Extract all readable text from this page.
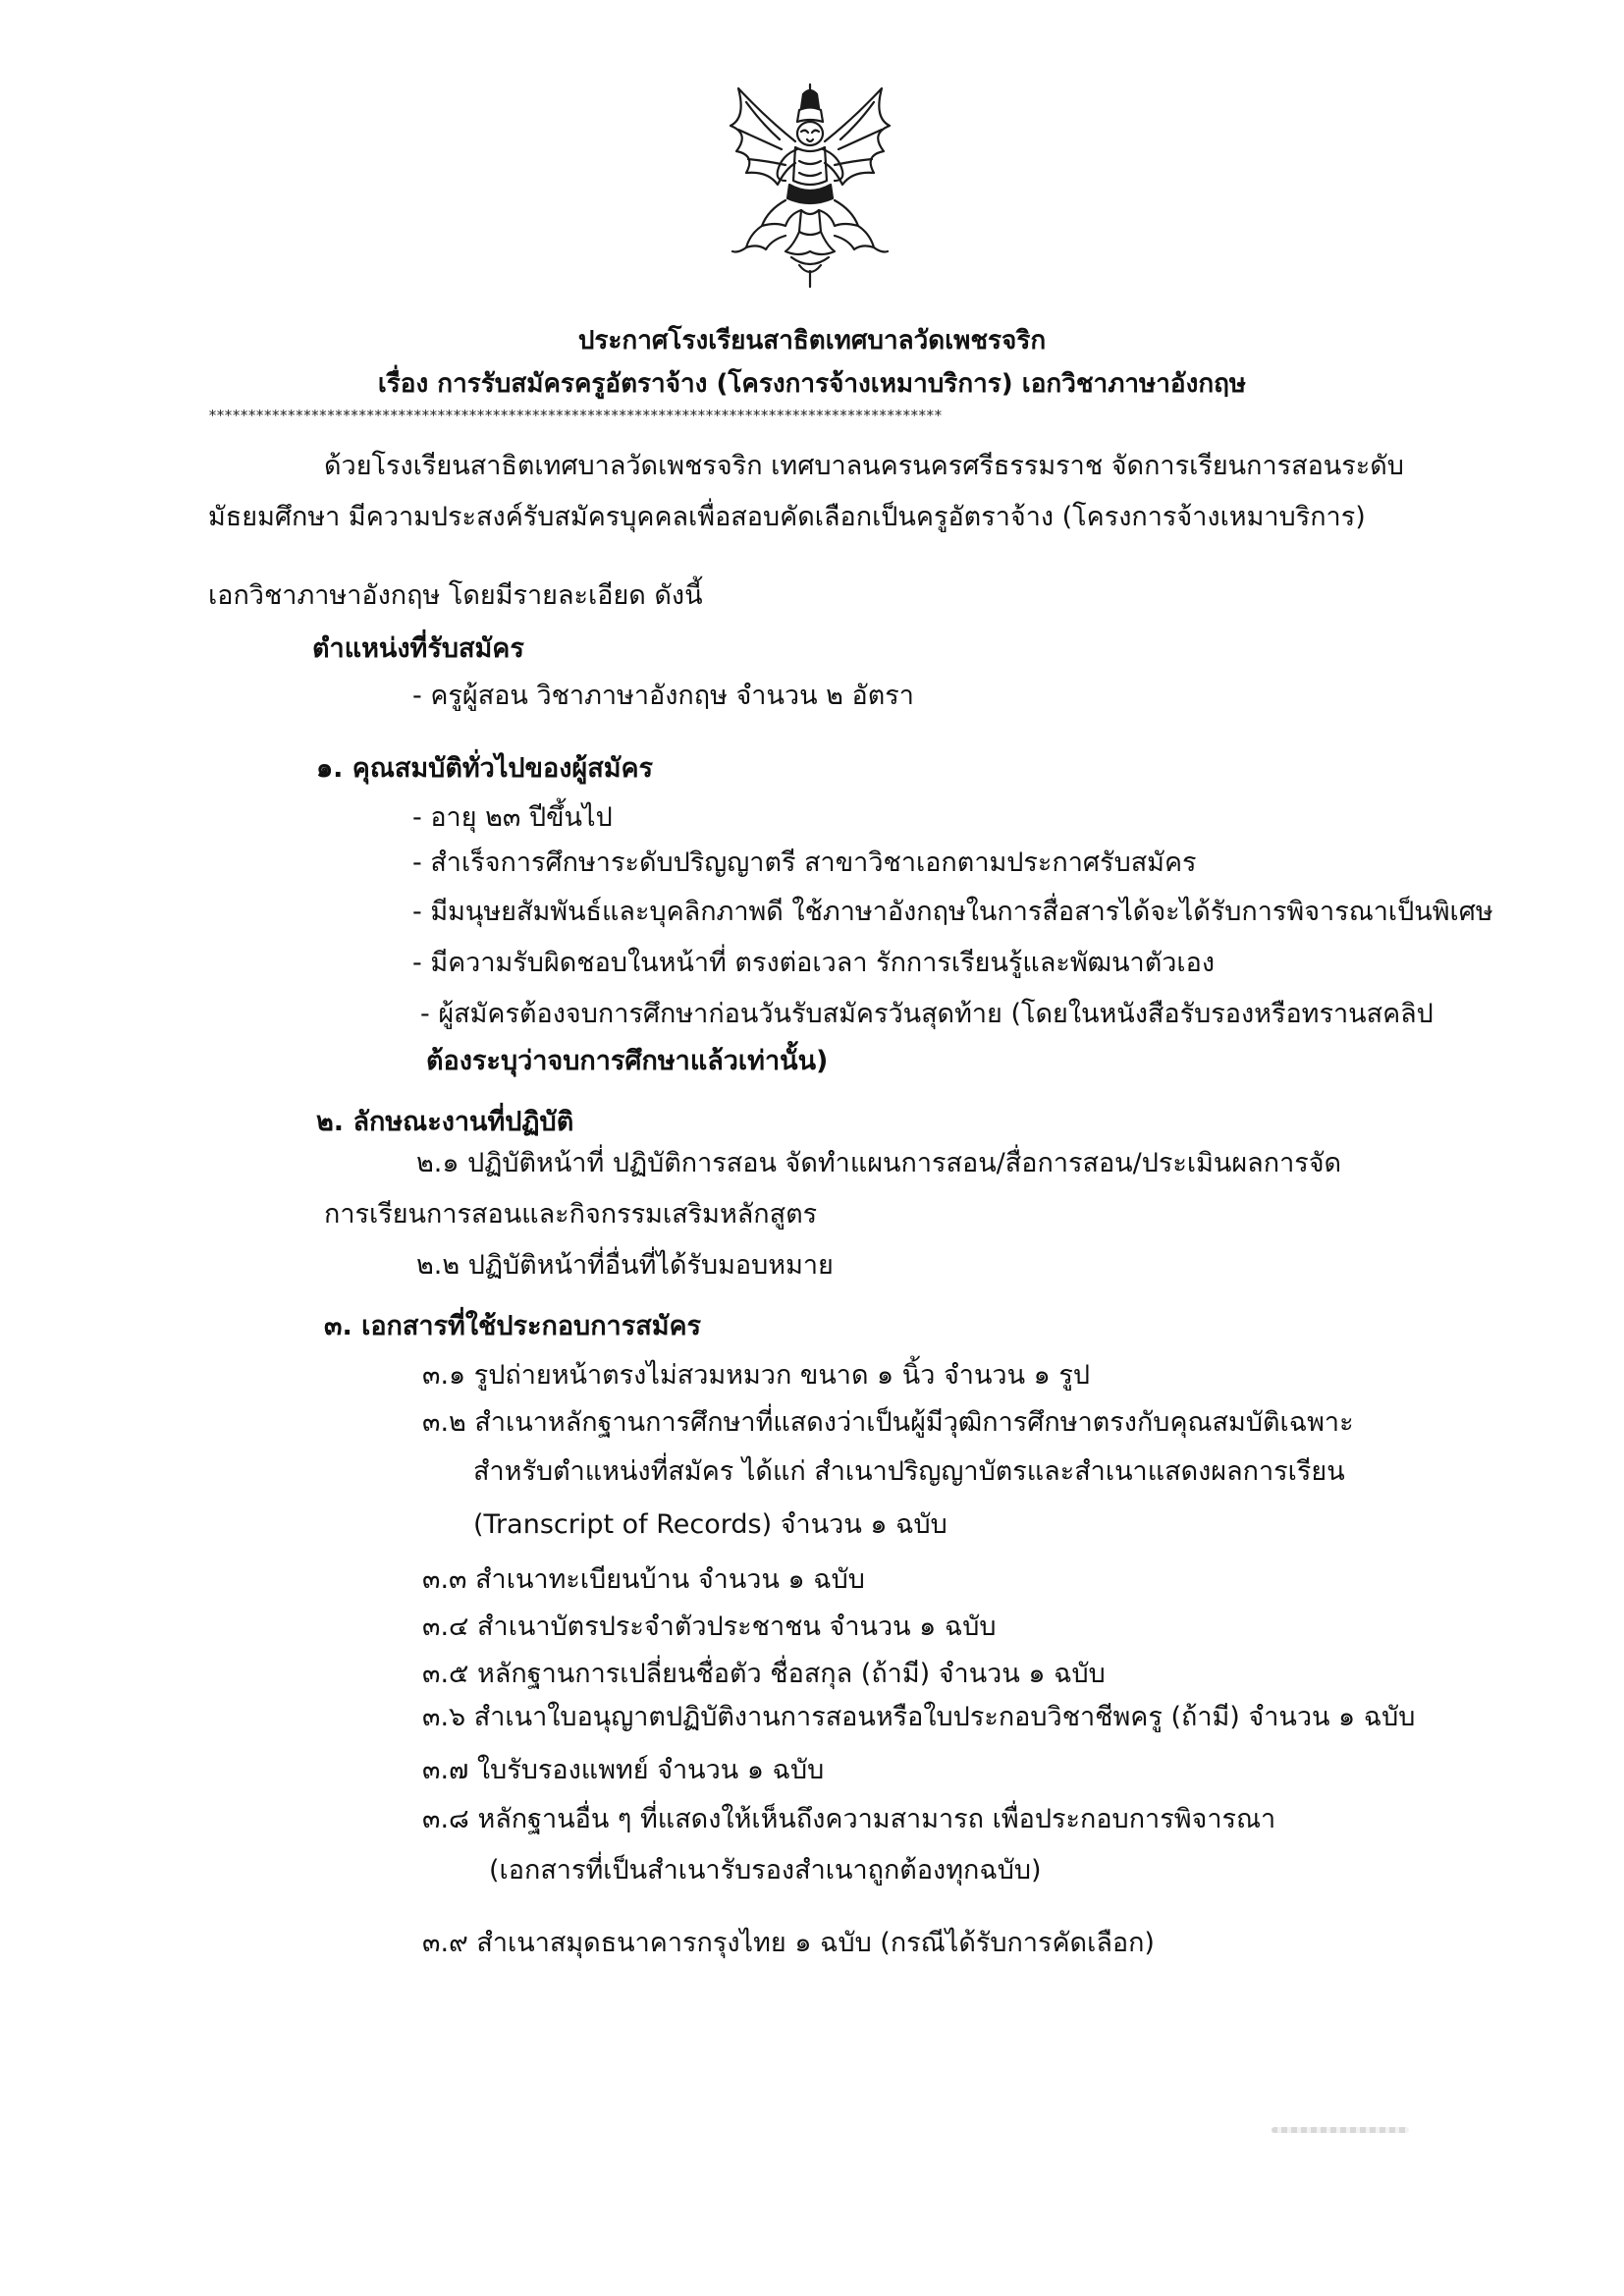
ประกาศโรงเรียนสาธิตเทศบาลวัดเพชรจริก
เรื่อง การรับสมัครครูอัตราจ้าง (โครงการจ้างเหมาบริการ) เอกวิชาภาษาอังกฤษ
*********************************************************************************************
ด้วยโรงเรียนสาธิตเทศบาลวัดเพชรจริก เทศบาลนครนครศรีธรรมราช จัดการเรียนการสอนระดับ
มัธยมศึกษา มีความประสงค์รับสมัครบุคคลเพื่อสอบคัดเลือกเป็นครูอัตราจ้าง (โครงการจ้างเหมาบริการ)
เอกวิชาภาษาอังกฤษ โดยมีรายละเอียด ดังนี้
ตำแหน่งที่รับสมัคร
- ครูผู้สอน วิชาภาษาอังกฤษ จำนวน ๒ อัตรา
๑. คุณสมบัติทั่วไปของผู้สมัคร
- อายุ ๒๓ ปีขึ้นไป
- สำเร็จการศึกษาระดับปริญญาตรี สาขาวิชาเอกตามประกาศรับสมัคร
- มีมนุษยสัมพันธ์และบุคลิกภาพดี ใช้ภาษาอังกฤษในการสื่อสารได้จะได้รับการพิจารณาเป็นพิเศษ
- มีความรับผิดชอบในหน้าที่ ตรงต่อเวลา รักการเรียนรู้และพัฒนาตัวเอง
- ผู้สมัครต้องจบการศึกษาก่อนวันรับสมัครวันสุดท้าย (โดยในหนังสือรับรองหรือทรานสคลิป
ต้องระบุว่าจบการศึกษาแล้วเท่านั้น)
๒. ลักษณะงานที่ปฏิบัติ
๒.๑ ปฏิบัติหน้าที่ ปฏิบัติการสอน จัดทำแผนการสอน/สื่อการสอน/ประเมินผลการจัด
การเรียนการสอนและกิจกรรมเสริมหลักสูตร
๒.๒ ปฏิบัติหน้าที่อื่นที่ได้รับมอบหมาย
๓. เอกสารที่ใช้ประกอบการสมัคร
๓.๑ รูปถ่ายหน้าตรงไม่สวมหมวก ขนาด ๑ นิ้ว จำนวน ๑ รูป
๓.๒ สำเนาหลักฐานการศึกษาที่แสดงว่าเป็นผู้มีวุฒิการศึกษาตรงกับคุณสมบัติเฉพาะ
สำหรับตำแหน่งที่สมัคร ได้แก่ สำเนาปริญญาบัตรและสำเนาแสดงผลการเรียน
(Transcript of Records) จำนวน ๑ ฉบับ
๓.๓ สำเนาทะเบียนบ้าน จำนวน ๑ ฉบับ
๓.๔ สำเนาบัตรประจำตัวประชาชน จำนวน ๑ ฉบับ
๓.๕ หลักฐานการเปลี่ยนชื่อตัว ชื่อสกุล (ถ้ามี) จำนวน ๑ ฉบับ
๓.๖ สำเนาใบอนุญาตปฏิบัติงานการสอนหรือใบประกอบวิชาชีพครู (ถ้ามี) จำนวน ๑ ฉบับ
๓.๗ ใบรับรองแพทย์ จำนวน ๑ ฉบับ
๓.๘ หลักฐานอื่น ๆ ที่แสดงให้เห็นถึงความสามารถ เพื่อประกอบการพิจารณา
(เอกสารที่เป็นสำเนารับรองสำเนาถูกต้องทุกฉบับ)
๓.๙ สำเนาสมุดธนาคารกรุงไทย ๑ ฉบับ (กรณีได้รับการคัดเลือก)
